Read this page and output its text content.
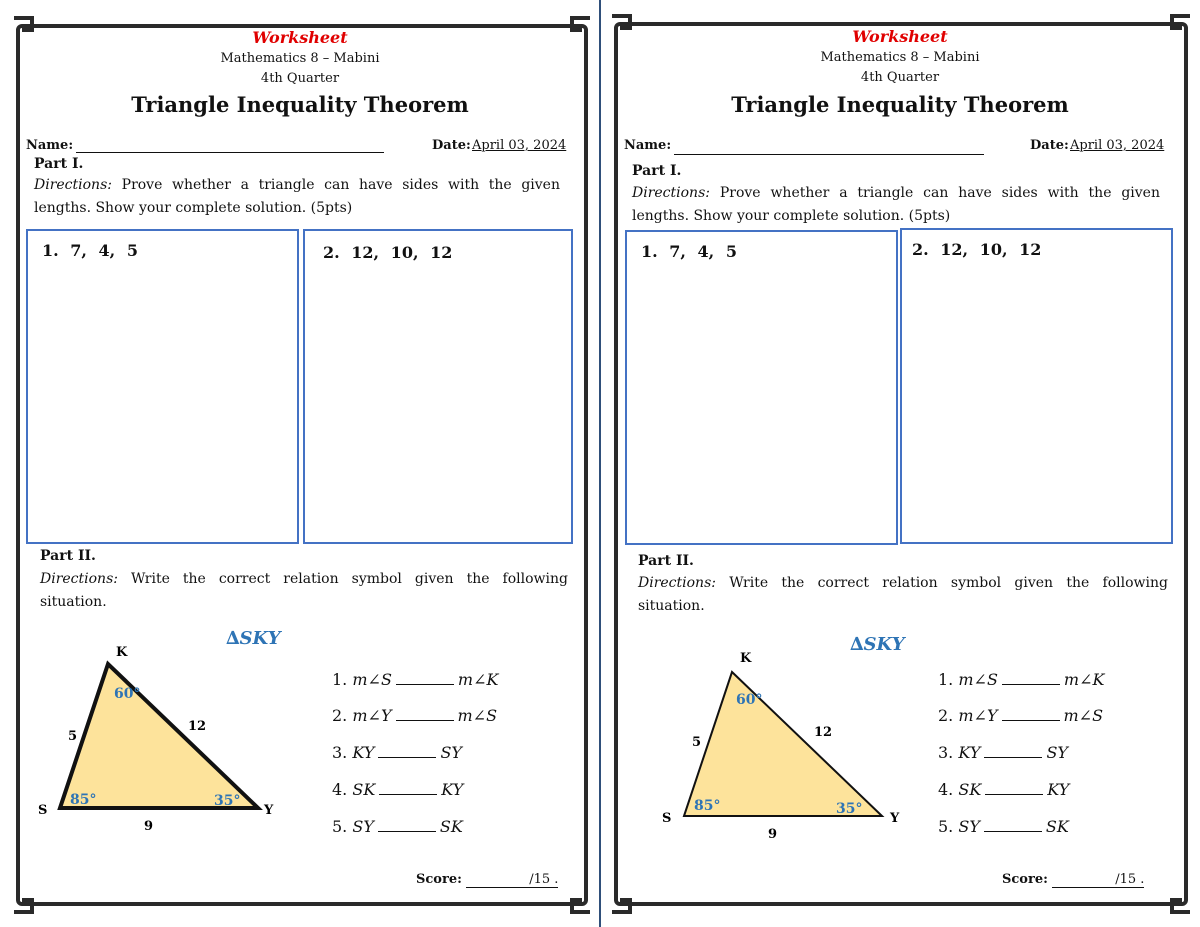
Worksheet
Mathematics 8 – Mabini
4th Quarter
Triangle Inequality Theorem
Name:	Date: April 03, 2024
Part I.
Directions: Prove whether a triangle can have sides with the given lengths. Show your complete solution. (5pts)
1. 7, 4, 5	2. 12, 10, 12
Part II.
Directions: Write the correct relation symbol given the following situation.
∆SKY
K
S	Y
5
12
9
60°
85°	35°
1. m∠S	m∠K
2. m∠Y	m∠S
3. KY	SY
4. SK	KY
5. SY	SK
Score:	/15 .
Worksheet
Mathematics 8 – Mabini
4th Quarter
Triangle Inequality Theorem
Name:	Date: April 03, 2024
Part I.
Directions: Prove whether a triangle can have sides with the given lengths. Show your complete solution. (5pts)
1. 7, 4, 5	2. 12, 10, 12
Part II.
Directions: Write the correct relation symbol given the following situation.
∆SKY
K
S	Y
5
12
9
60°
85°	35°
1. m∠S	m∠K
2. m∠Y	m∠S
3. KY	SY
4. SK	KY
5. SY	SK
Score:	/15 .
